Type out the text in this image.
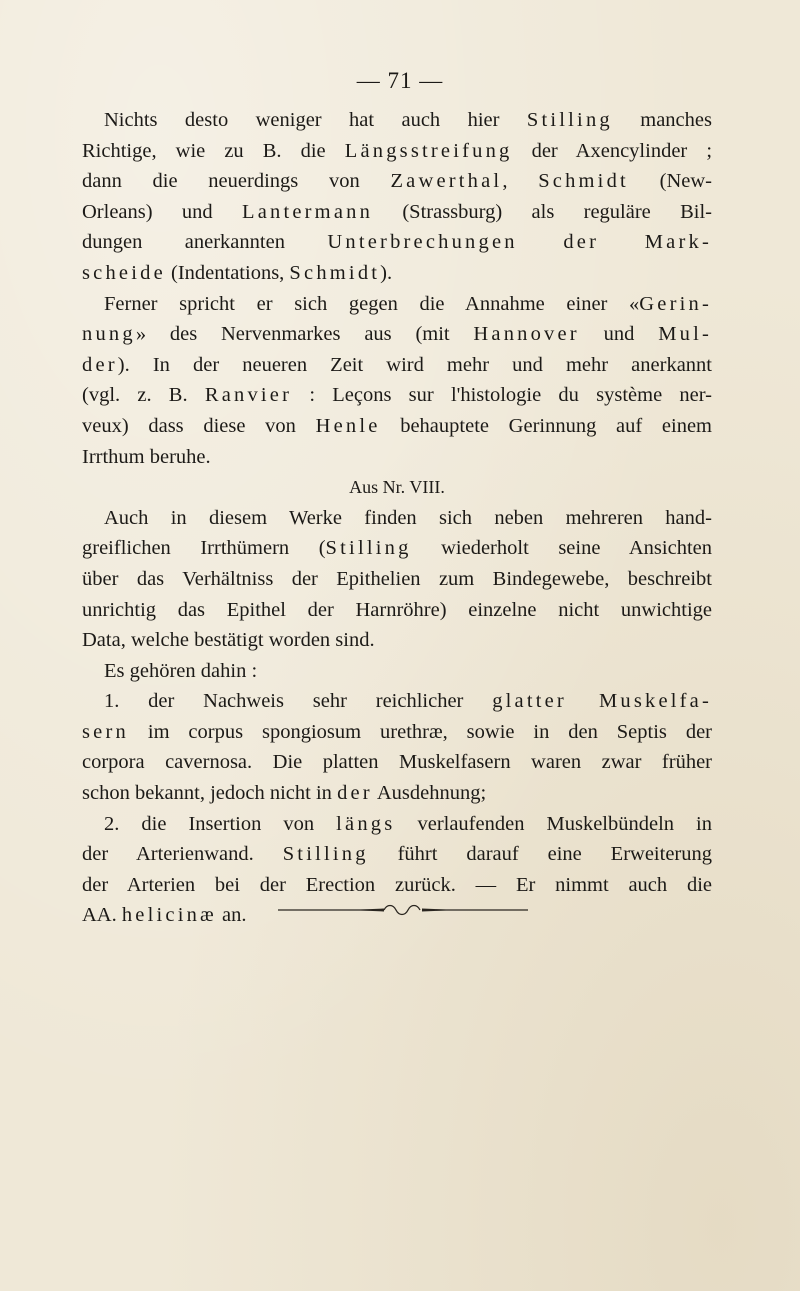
— 71 —
Nichts desto weniger hat auch hier Stilling manches
Richtige, wie zu B. die Längsstreifung der Axencylinder ;
dann die neuerdings von Zawerthal, Schmidt (New-
Orleans) und Lantermann (Strassburg) als reguläre Bil-
dungen anerkannten Unterbrechungen der Mark-
scheide (Indentations, Schmidt).
Ferner spricht er sich gegen die Annahme einer «Gerin-
nung» des Nervenmarkes aus (mit Hannover und Mul-
der). In der neueren Zeit wird mehr und mehr anerkannt
(vgl. z. B. Ranvier : Leçons sur l'histologie du système ner-
veux) dass diese von Henle behauptete Gerinnung auf einem
Irrthum beruhe.
Aus Nr. VIII.
Auch in diesem Werke finden sich neben mehreren hand-
greiflichen Irrthümern (Stilling wiederholt seine Ansichten
über das Verhältniss der Epithelien zum Bindegewebe, beschreibt
unrichtig das Epithel der Harnröhre) einzelne nicht unwichtige
Data, welche bestätigt worden sind.
Es gehören dahin :
1. der Nachweis sehr reichlicher glatter Muskelfa-
sern im corpus spongiosum urethræ, sowie in den Septis der
corpora cavernosa. Die platten Muskelfasern waren zwar früher
schon bekannt, jedoch nicht in der Ausdehnung;
2. die Insertion von längs verlaufenden Muskelbündeln in
der Arterienwand. Stilling führt darauf eine Erweiterung
der Arterien bei der Erection zurück. — Er nimmt auch die
AA. helicinæ an.
